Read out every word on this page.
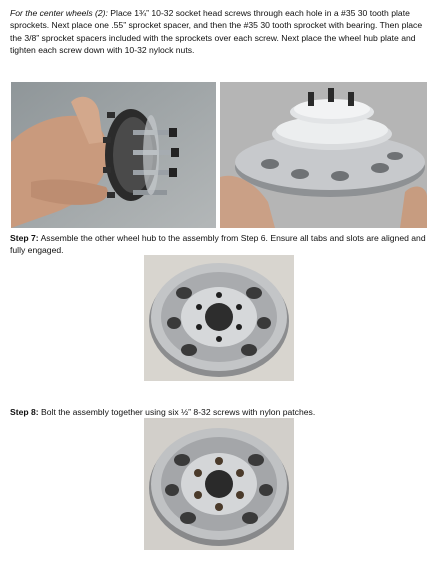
For the center wheels (2): Place 1¾” 10-32 socket head screws through each hole in a #35 30 tooth plate sprockets. Next place one .55” sprocket spacer, and then the #35 30 tooth sprocket with bearing. Then place the 3/8” sprocket spacers included with the sprockets over each screw. Next place the wheel hub plate and tighten each screw down with 10-32 nylock nuts.
Step 7: Assemble the other wheel hub to the assembly from Step 6. Ensure all tabs and slots are aligned and fully engaged.
Step 8: Bolt the assembly together using six ½” 8-32 screws with nylon patches.
